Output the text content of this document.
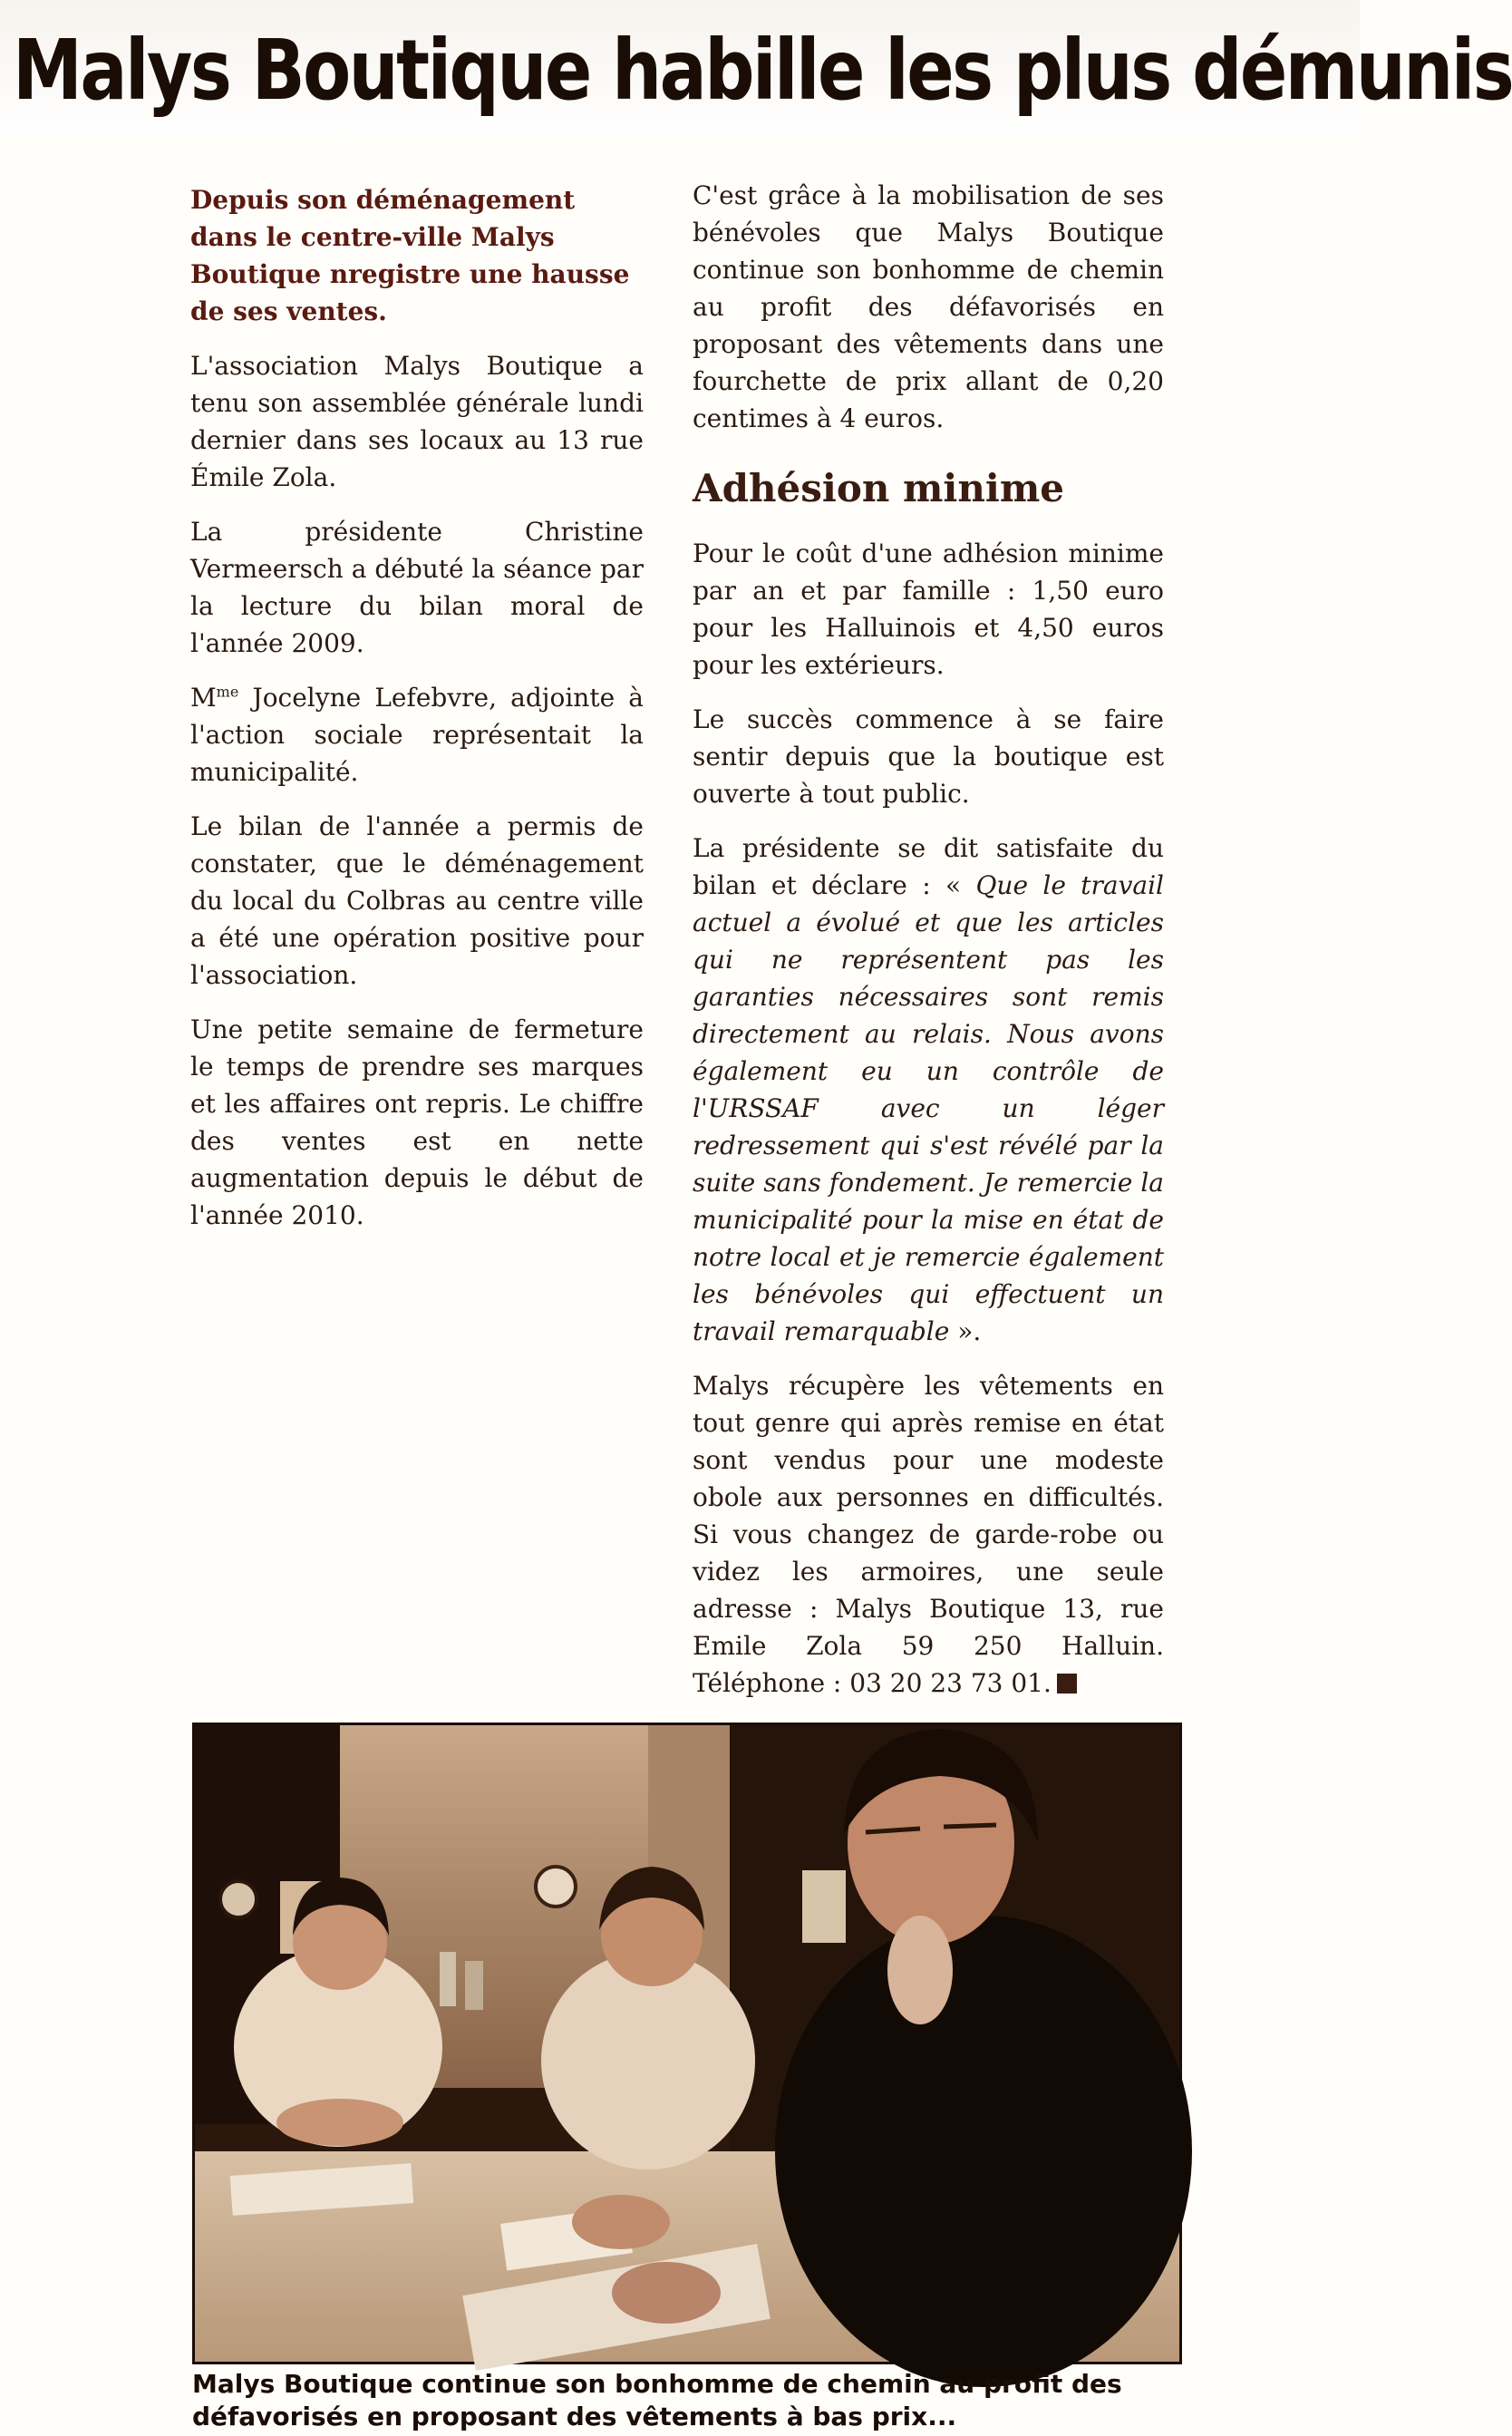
Malys Boutique habille les plus démunis

Depuis son déménagement dans le centre-ville Malys Boutique nregistre une hausse de ses ventes.

L'association Malys Boutique a tenu son assemblée générale lundi dernier dans ses locaux au 13 rue Émile Zola.

La présidente Christine Vermeersch a débuté la séance par la lecture du bilan moral de l'année 2009.

$M^{me}$ Jocelyne Lefebvre, adjointe à l'action sociale représentait la municipalité.

Le bilan de l'année a permis de constater, que le déménagement du local du Colbras au centre ville a été une opération positive pour l'association.

Une petite semaine de fermeture le temps de prendre ses marques et les affaires ont repris. Le chiffre des ventes est en nette augmentation depuis le début de l'année 2010.

C'est grâce à la mobilisation de ses bénévoles que Malys Boutique continue son bonhomme de chemin au profit des défavorisés en proposant des vêtements dans une fourchette de prix allant de 0,20 centimes à 4 euros.

Adhésion minime

Pour le coût d'une adhésion minime par an et par famille : 1,50 euro pour les Halluinois et 4,50 euros pour les extérieurs.

Le succès commence à se faire sentir depuis que la boutique est ouverte à tout public.

La présidente se dit satisfaite du bilan et déclare : « Que le travail actuel a évolué et que les articles qui ne représentent pas les garanties nécessaires sont remis directement au relais. Nous avons également eu un contrôle de l'URSSAF avec un léger redressement qui s'est révélé par la suite sans fondement. Je remercie la municipalité pour la mise en état de notre local et je remercie également les bénévoles qui effectuent un travail remarquable ».

Malys récupère les vêtements en tout genre qui après remise en état sont vendus pour une modeste obole aux personnes en difficultés. Si vous changez de garde-robe ou videz les armoires, une seule adresse : Malys Boutique 13, rue Emile Zola 59 250 Halluin. Téléphone : 03 20 23 73 01.

Malys Boutique continue son bonhomme de chemin au profit des défavorisés en proposant des vêtements à bas prix...
